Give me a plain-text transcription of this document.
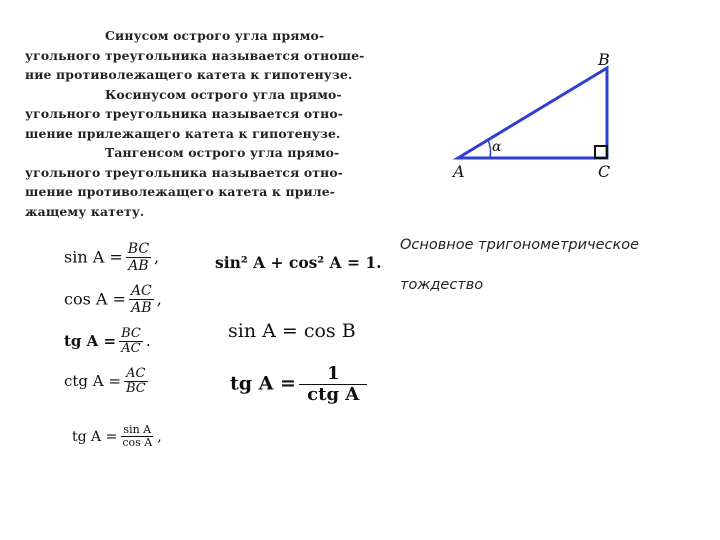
Синусом острого угла прямо-
угольного треугольника называется отноше-
ние противолежащего катета к гипотенузе.
Косинусом острого угла прямо-
угольного треугольника называется отно-
шение прилежащего катета к гипотенузе.
Тангенсом острого угла прямо-
угольного треугольника называется отно-
шение противолежащего катета к приле-
жащему катету.
α
A
B
C
$\sin A = \frac{BC}{AB}$ ,
$\cos A = \frac{AC}{AB}$ ,
tg $A = \frac{BC}{AC}$ .
ctg $A = \frac{AC}{BC}$
tg $A = \frac{\text{sin A}}{\text{cos A}}$ ,
sin² A + cos² A = 1.
sin A = cos B
tg $A = \frac{1}{\text{ctg A}}$
Основное тригонометрическое
тождество
